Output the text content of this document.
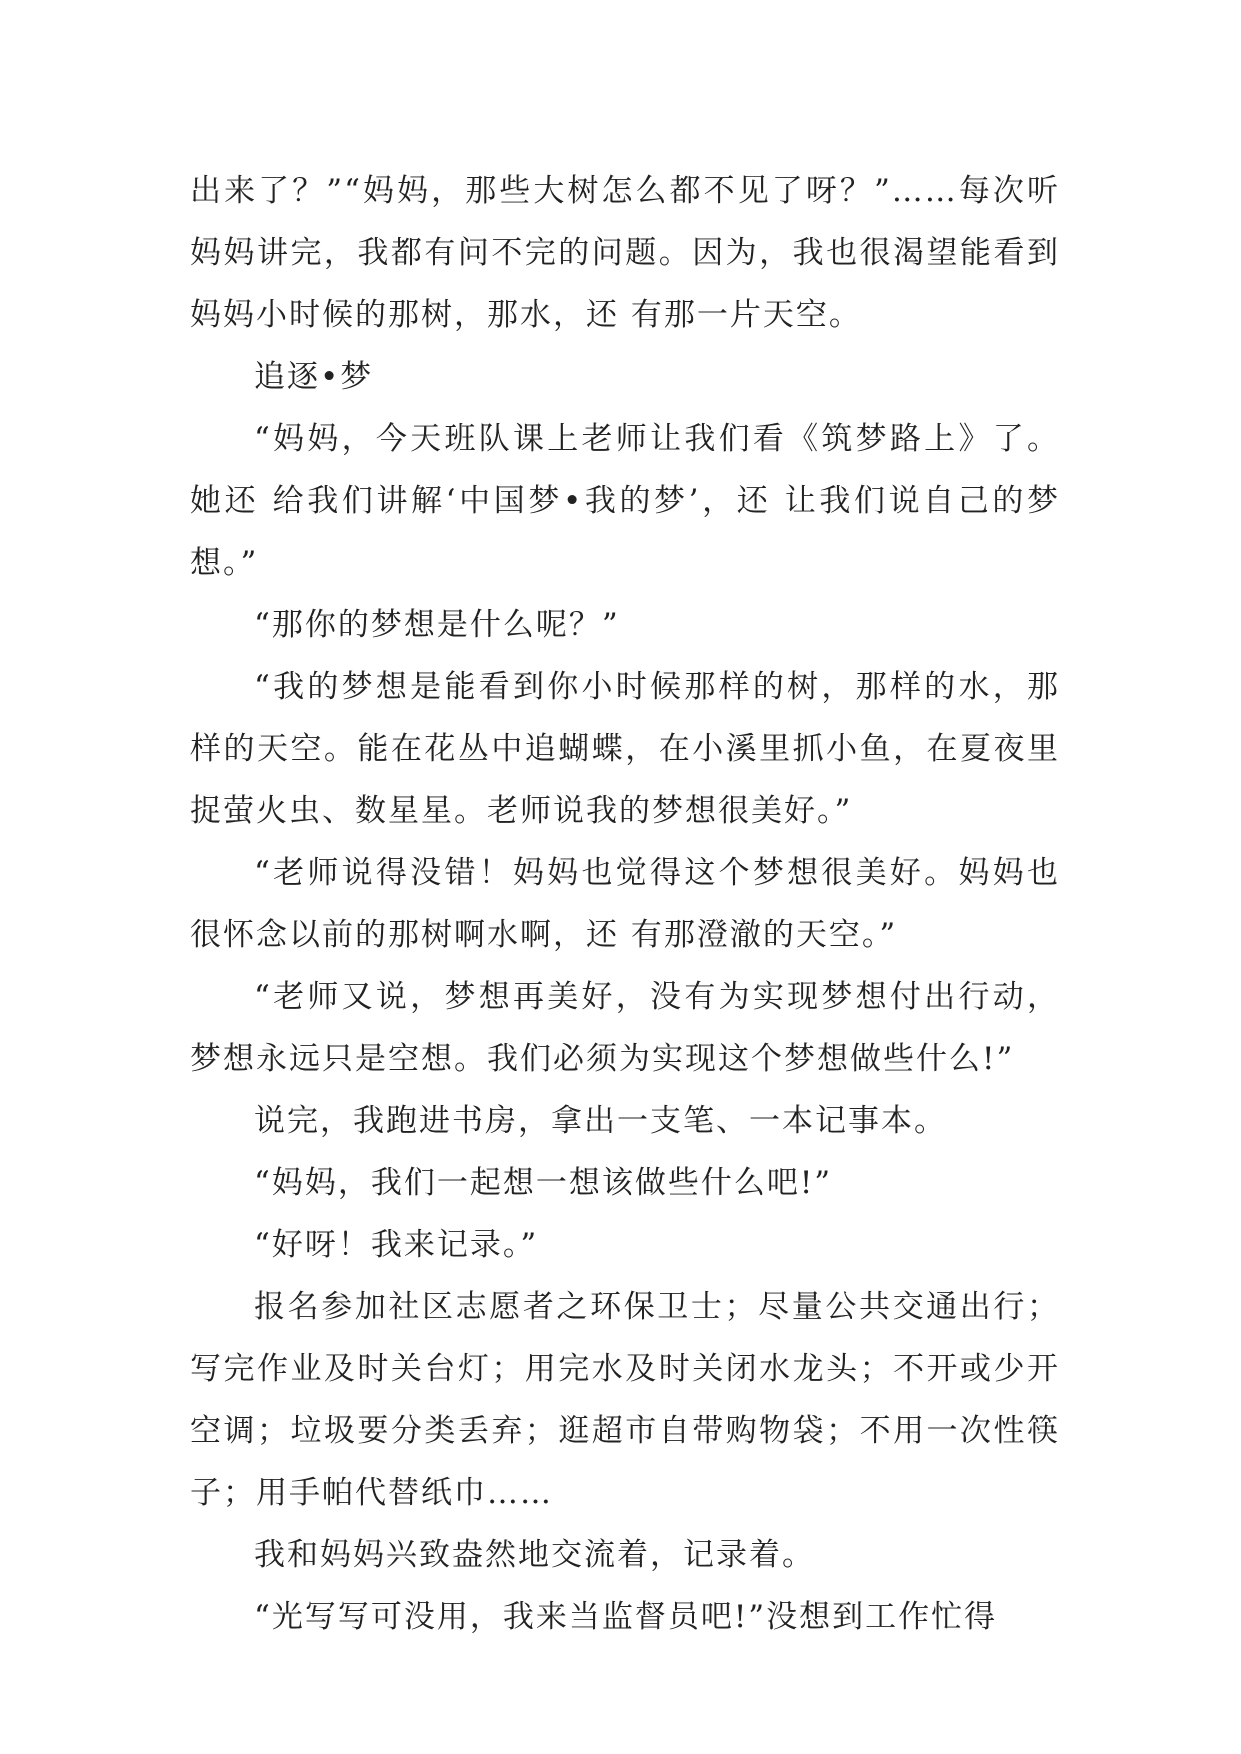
出来了？”“妈妈，那些大树怎么都不见了呀？”……每次听妈妈讲完，我都有问不完的问题。因为，我也很渴望能看到妈妈小时候的那树，那水，还 有那一片天空。

追逐•梦

“妈妈，今天班队课上老师让我们看《筑梦路上》了。她还 给我们讲解‘中国梦•我的梦’，还 让我们说自己的梦想。”

“那你的梦想是什么呢？”

“我的梦想是能看到你小时候那样的树，那样的水，那样的天空。能在花丛中追蝴蝶，在小溪里抓小鱼，在夏夜里捉萤火虫、数星星。老师说我的梦想很美好。”

“老师说得没错！妈妈也觉得这个梦想很美好。妈妈也很怀念以前的那树啊水啊，还 有那澄澈的天空。”

“老师又说，梦想再美好，没有为实现梦想付出行动，梦想永远只是空想。我们必须为实现这个梦想做些什么!”

说完，我跑进书房，拿出一支笔、一本记事本。

“妈妈，我们一起想一想该做些什么吧!”

“好呀！我来记录。”

报名参加社区志愿者之环保卫士；尽量公共交通出行；写完作业及时关台灯；用完水及时关闭水龙头；不开或少开空调；垃圾要分类丢弃；逛超市自带购物袋；不用一次性筷子；用手帕代替纸巾……

我和妈妈兴致盎然地交流着，记录着。

“光写写可没用，我来当监督员吧!”没想到工作忙得
